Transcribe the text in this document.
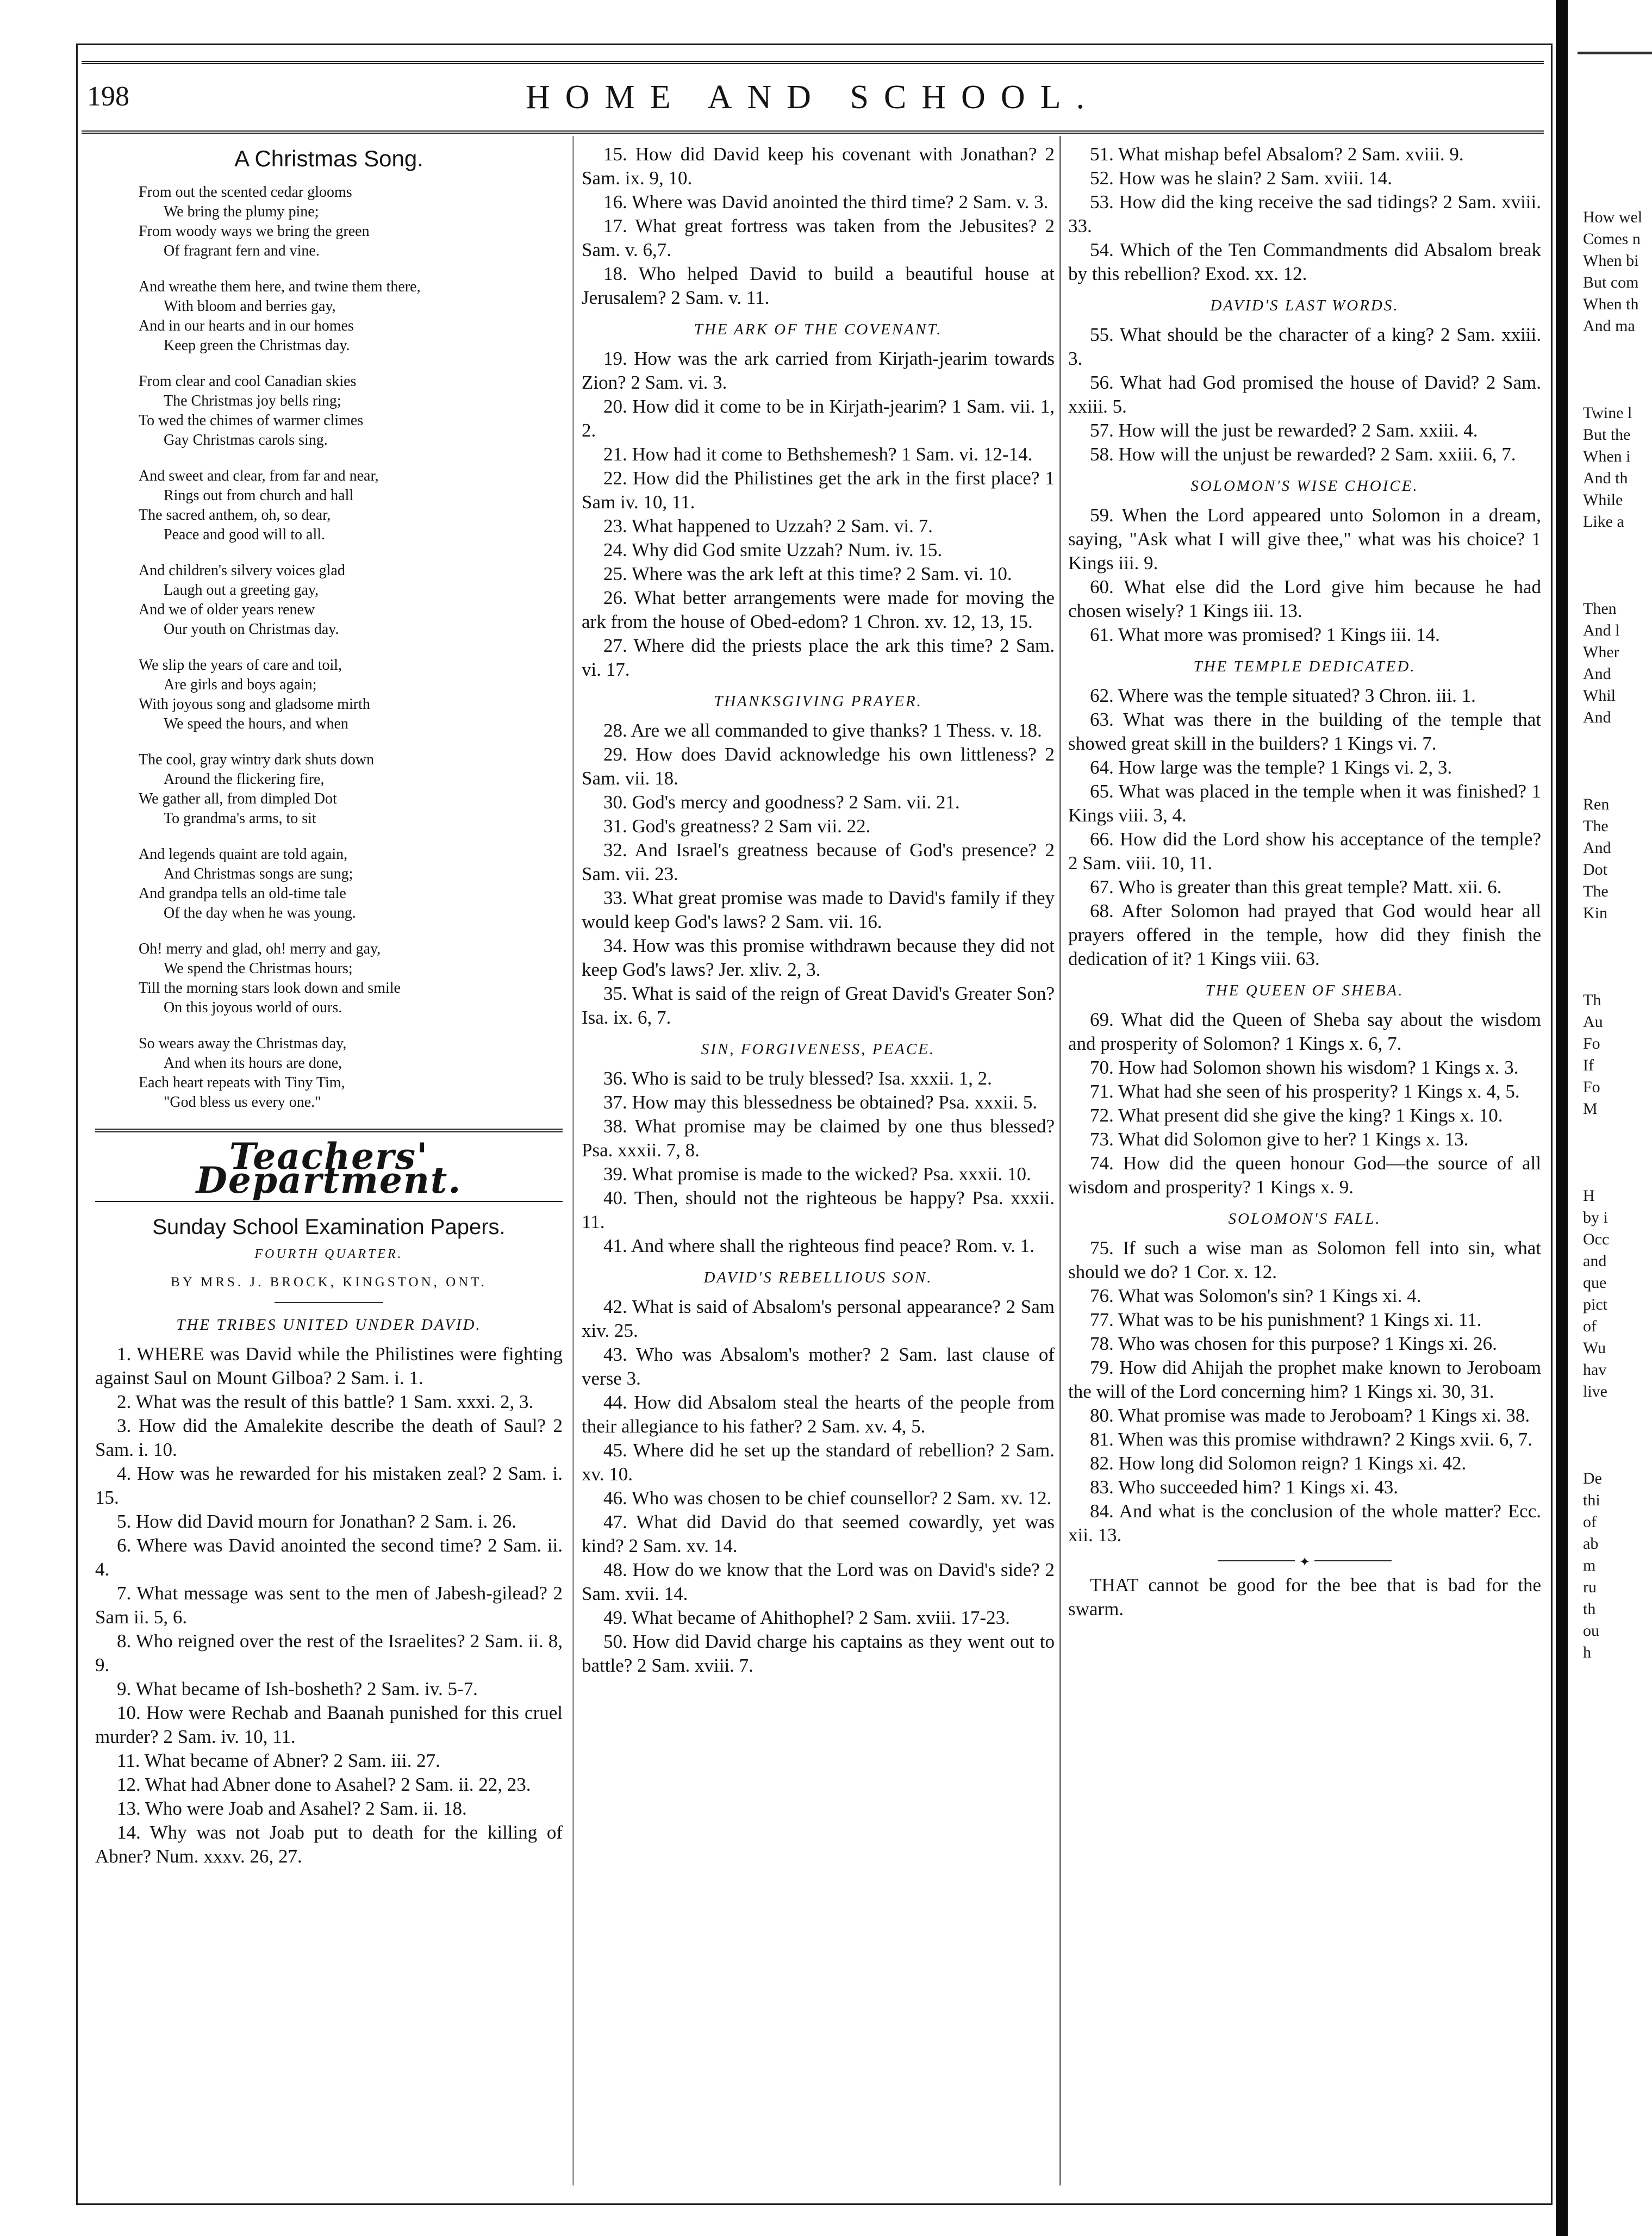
198	HOME AND SCHOOL.
A Christmas Song.
From out the scented cedar glooms
We bring the plumy pine;
From woody ways we bring the green
Of fragrant fern and vine.
And wreathe them here, and twine them there,
With bloom and berries gay,
And in our hearts and in our homes
Keep green the Christmas day.
From clear and cool Canadian skies
The Christmas joy bells ring;
To wed the chimes of warmer climes
Gay Christmas carols sing.
And sweet and clear, from far and near,
Rings out from church and hall
The sacred anthem, oh, so dear,
Peace and good will to all.
And children's silvery voices glad
Laugh out a greeting gay,
And we of older years renew
Our youth on Christmas day.
We slip the years of care and toil,
Are girls and boys again;
With joyous song and gladsome mirth
We speed the hours, and when
The cool, gray wintry dark shuts down
Around the flickering fire,
We gather all, from dimpled Dot
To grandma's arms, to sit
And legends quaint are told again,
And Christmas songs are sung;
And grandpa tells an old-time tale
Of the day when he was young.
Oh! merry and glad, oh! merry and gay,
We spend the Christmas hours;
Till the morning stars look down and smile
On this joyous world of ours.
So wears away the Christmas day,
And when its hours are done,
Each heart repeats with Tiny Tim,
"God bless us every one."
Teachers' Department.
Sunday School Examination Papers.
FOURTH QUARTER.
BY MRS. J. BROCK, KINGSTON, ONT.
THE TRIBES UNITED UNDER DAVID.

1. WHERE was David while the Philistines were fighting against Saul on Mount Gilboa? 2 Sam. i. 1.

2. What was the result of this battle? 1 Sam. xxxi. 2, 3.

3. How did the Amalekite describe the death of Saul? 2 Sam. i. 10.

4. How was he rewarded for his mistaken zeal? 2 Sam. i. 15.

5. How did David mourn for Jonathan? 2 Sam. i. 26.

6. Where was David anointed the second time? 2 Sam. ii. 4.

7. What message was sent to the men of Jabesh-gilead? 2 Sam ii. 5, 6.

8. Who reigned over the rest of the Israelites? 2 Sam. ii. 8, 9.

9. What became of Ish-bosheth? 2 Sam. iv. 5-7.

10. How were Rechab and Baanah punished for this cruel murder? 2 Sam. iv. 10, 11.

11. What became of Abner? 2 Sam. iii. 27.

12. What had Abner done to Asahel? 2 Sam. ii. 22, 23.

13. Who were Joab and Asahel? 2 Sam. ii. 18.

14. Why was not Joab put to death for the killing of Abner? Num. xxxv. 26, 27.

15. How did David keep his covenant with Jonathan? 2 Sam. ix. 9, 10.

16. Where was David anointed the third time? 2 Sam. v. 3.

17. What great fortress was taken from the Jebusites? 2 Sam. v. 6,7.

18. Who helped David to build a beautiful house at Jerusalem? 2 Sam. v. 11.

THE ARK OF THE COVENANT.

19. How was the ark carried from Kirjath-jearim towards Zion? 2 Sam. vi. 3.

20. How did it come to be in Kirjath-jearim? 1 Sam. vii. 1, 2.

21. How had it come to Bethshemesh? 1 Sam. vi. 12-14.

22. How did the Philistines get the ark in the first place? 1 Sam iv. 10, 11.

23. What happened to Uzzah? 2 Sam. vi. 7.

24. Why did God smite Uzzah? Num. iv. 15.

25. Where was the ark left at this time? 2 Sam. vi. 10.

26. What better arrangements were made for moving the ark from the house of Obed-edom? 1 Chron. xv. 12, 13, 15.

27. Where did the priests place the ark this time? 2 Sam. vi. 17.

THANKSGIVING PRAYER.

28. Are we all commanded to give thanks? 1 Thess. v. 18.

29. How does David acknowledge his own littleness? 2 Sam. vii. 18.

30. God's mercy and goodness? 2 Sam. vii. 21.

31. God's greatness? 2 Sam vii. 22.

32. And Israel's greatness because of God's presence? 2 Sam. vii. 23.

33. What great promise was made to David's family if they would keep God's laws? 2 Sam. vii. 16.

34. How was this promise withdrawn because they did not keep God's laws? Jer. xliv. 2, 3.

35. What is said of the reign of Great David's Greater Son? Isa. ix. 6, 7.

SIN, FORGIVENESS, PEACE.

36. Who is said to be truly blessed? Isa. xxxii. 1, 2.

37. How may this blessedness be obtained? Psa. xxxii. 5.

38. What promise may be claimed by one thus blessed? Psa. xxxii. 7, 8.

39. What promise is made to the wicked? Psa. xxxii. 10.

40. Then, should not the righteous be happy? Psa. xxxii. 11.

41. And where shall the righteous find peace? Rom. v. 1.

DAVID'S REBELLIOUS SON.

42. What is said of Absalom's personal appearance? 2 Sam xiv. 25.

43. Who was Absalom's mother? 2 Sam. last clause of verse 3.

44. How did Absalom steal the hearts of the people from their allegiance to his father? 2 Sam. xv. 4, 5.

45. Where did he set up the standard of rebellion? 2 Sam. xv. 10.

46. Who was chosen to be chief counsellor? 2 Sam. xv. 12.

47. What did David do that seemed cowardly, yet was kind? 2 Sam. xv. 14.

48. How do we know that the Lord was on David's side? 2 Sam. xvii. 14.

49. What became of Ahithophel? 2 Sam. xviii. 17-23.

50. How did David charge his captains as they went out to battle? 2 Sam. xviii. 7.

51. What mishap befel Absalom? 2 Sam. xviii. 9.

52. How was he slain? 2 Sam. xviii. 14.

53. How did the king receive the sad tidings? 2 Sam. xviii. 33.

54. Which of the Ten Commandments did Absalom break by this rebellion? Exod. xx. 12.

DAVID'S LAST WORDS.

55. What should be the character of a king? 2 Sam. xxiii. 3.

56. What had God promised the house of David? 2 Sam. xxiii. 5.

57. How will the just be rewarded? 2 Sam. xxiii. 4.

58. How will the unjust be rewarded? 2 Sam. xxiii. 6, 7.

SOLOMON'S WISE CHOICE.

59. When the Lord appeared unto Solomon in a dream, saying, "Ask what I will give thee," what was his choice? 1 Kings iii. 9.

60. What else did the Lord give him because he had chosen wisely? 1 Kings iii. 13.

61. What more was promised? 1 Kings iii. 14.

THE TEMPLE DEDICATED.

62. Where was the temple situated? 3 Chron. iii. 1.

63. What was there in the building of the temple that showed great skill in the builders? 1 Kings vi. 7.

64. How large was the temple? 1 Kings vi. 2, 3.

65. What was placed in the temple when it was finished? 1 Kings viii. 3, 4.

66. How did the Lord show his acceptance of the temple? 2 Sam. viii. 10, 11.

67. Who is greater than this great temple? Matt. xii. 6.

68. After Solomon had prayed that God would hear all prayers offered in the temple, how did they finish the dedication of it? 1 Kings viii. 63.

THE QUEEN OF SHEBA.

69. What did the Queen of Sheba say about the wisdom and prosperity of Solomon? 1 Kings x. 6, 7.

70. How had Solomon shown his wisdom? 1 Kings x. 3.

71. What had she seen of his prosperity? 1 Kings x. 4, 5.

72. What present did she give the king? 1 Kings x. 10.

73. What did Solomon give to her? 1 Kings x. 13.

74. How did the queen honour God—the source of all wisdom and prosperity? 1 Kings x. 9.

SOLOMON'S FALL.

75. If such a wise man as Solomon fell into sin, what should we do? 1 Cor. x. 12.

76. What was Solomon's sin? 1 Kings xi. 4.

77. What was to be his punishment? 1 Kings xi. 11.

78. Who was chosen for this purpose? 1 Kings xi. 26.

79. How did Ahijah the prophet make known to Jeroboam the will of the Lord concerning him? 1 Kings xi. 30, 31.

80. What promise was made to Jeroboam? 1 Kings xi. 38.

81. When was this promise withdrawn? 2 Kings xvii. 6, 7.

82. How long did Solomon reign? 1 Kings xi. 42.

83. Who succeeded him? 1 Kings xi. 43.

84. And what is the conclusion of the whole matter? Ecc. xii. 13.

✦

THAT cannot be good for the bee that is bad for the swarm.

How wel
Comes n
When bi
But com
When th
And ma
Twine l
But the
When i
And th
While
Like a
Then
And l
Wher
And
Whil
And
Ren
The
And
Dot
The
Kin
Th
Au
Fo
If
Fo
M
H
by i
Occ
and
que
pict
of
Wu
hav
live
De
thi
of
ab
m
ru
th
ou
h
